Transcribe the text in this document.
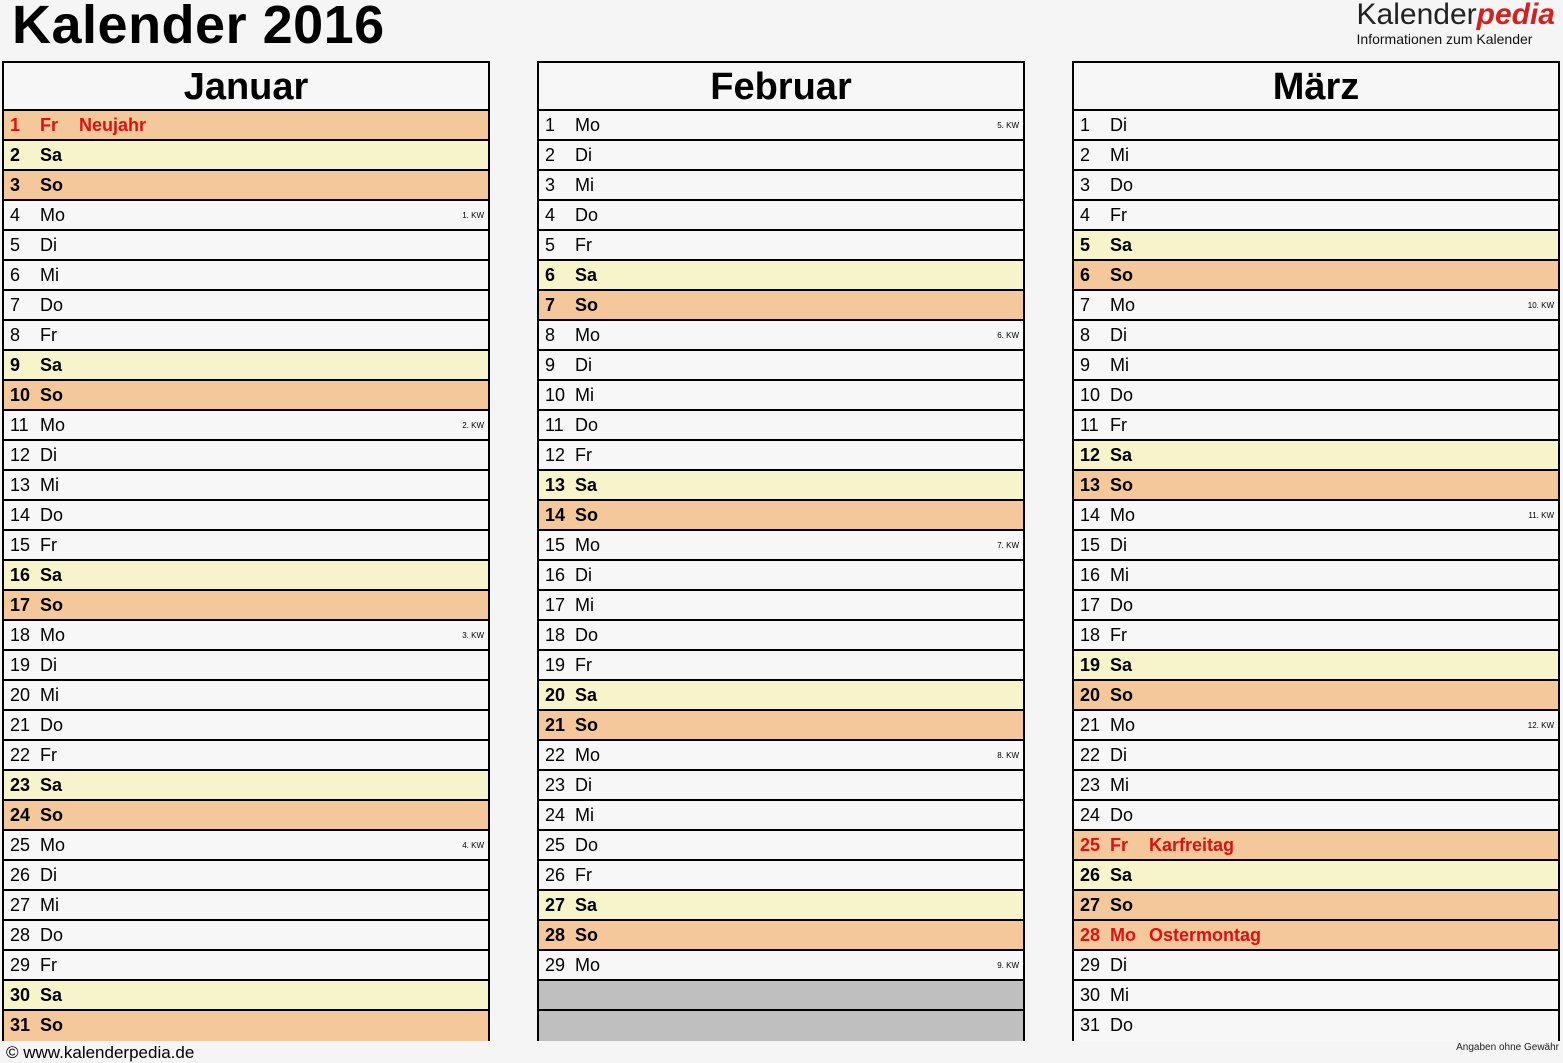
Kalender 2016	Kalenderpedia
Informationen zum Kalender
Januar
1 Fr Neujahr
2 Sa
3 So
4 Mo	1. KW
5 Di
6 Mi
7 Do
8 Fr
9 Sa
10 So
11 Mo	2. KW
12 Di
13 Mi
14 Do
15 Fr
16 Sa
17 So
18 Mo	3. KW
19 Di
20 Mi
21 Do
22 Fr
23 Sa
24 So
25 Mo	4. KW
26 Di
27 Mi
28 Do
29 Fr
30 Sa
31 So
Februar
1 Mo	5. KW
2 Di
3 Mi
4 Do
5 Fr
6 Sa
7 So
8 Mo	6. KW
9 Di
10 Mi
11 Do
12 Fr
13 Sa
14 So
15 Mo	7. KW
16 Di
17 Mi
18 Do
19 Fr
20 Sa
21 So
22 Mo	8. KW
23 Di
24 Mi
25 Do
26 Fr
27 Sa
28 So
29 Mo	9. KW
März
1 Di
2 Mi
3 Do
4 Fr
5 Sa
6 So
7 Mo	10. KW
8 Di
9 Mi
10 Do
11 Fr
12 Sa
13 So
14 Mo	11. KW
15 Di
16 Mi
17 Do
18 Fr
19 Sa
20 So
21 Mo	12. KW
22 Di
23 Mi
24 Do
25 Fr Karfreitag
26 Sa
27 So
28 Mo Ostermontag
29 Di
30 Mi
31 Do
© www.kalenderpedia.de	Angaben ohne Gewähr
